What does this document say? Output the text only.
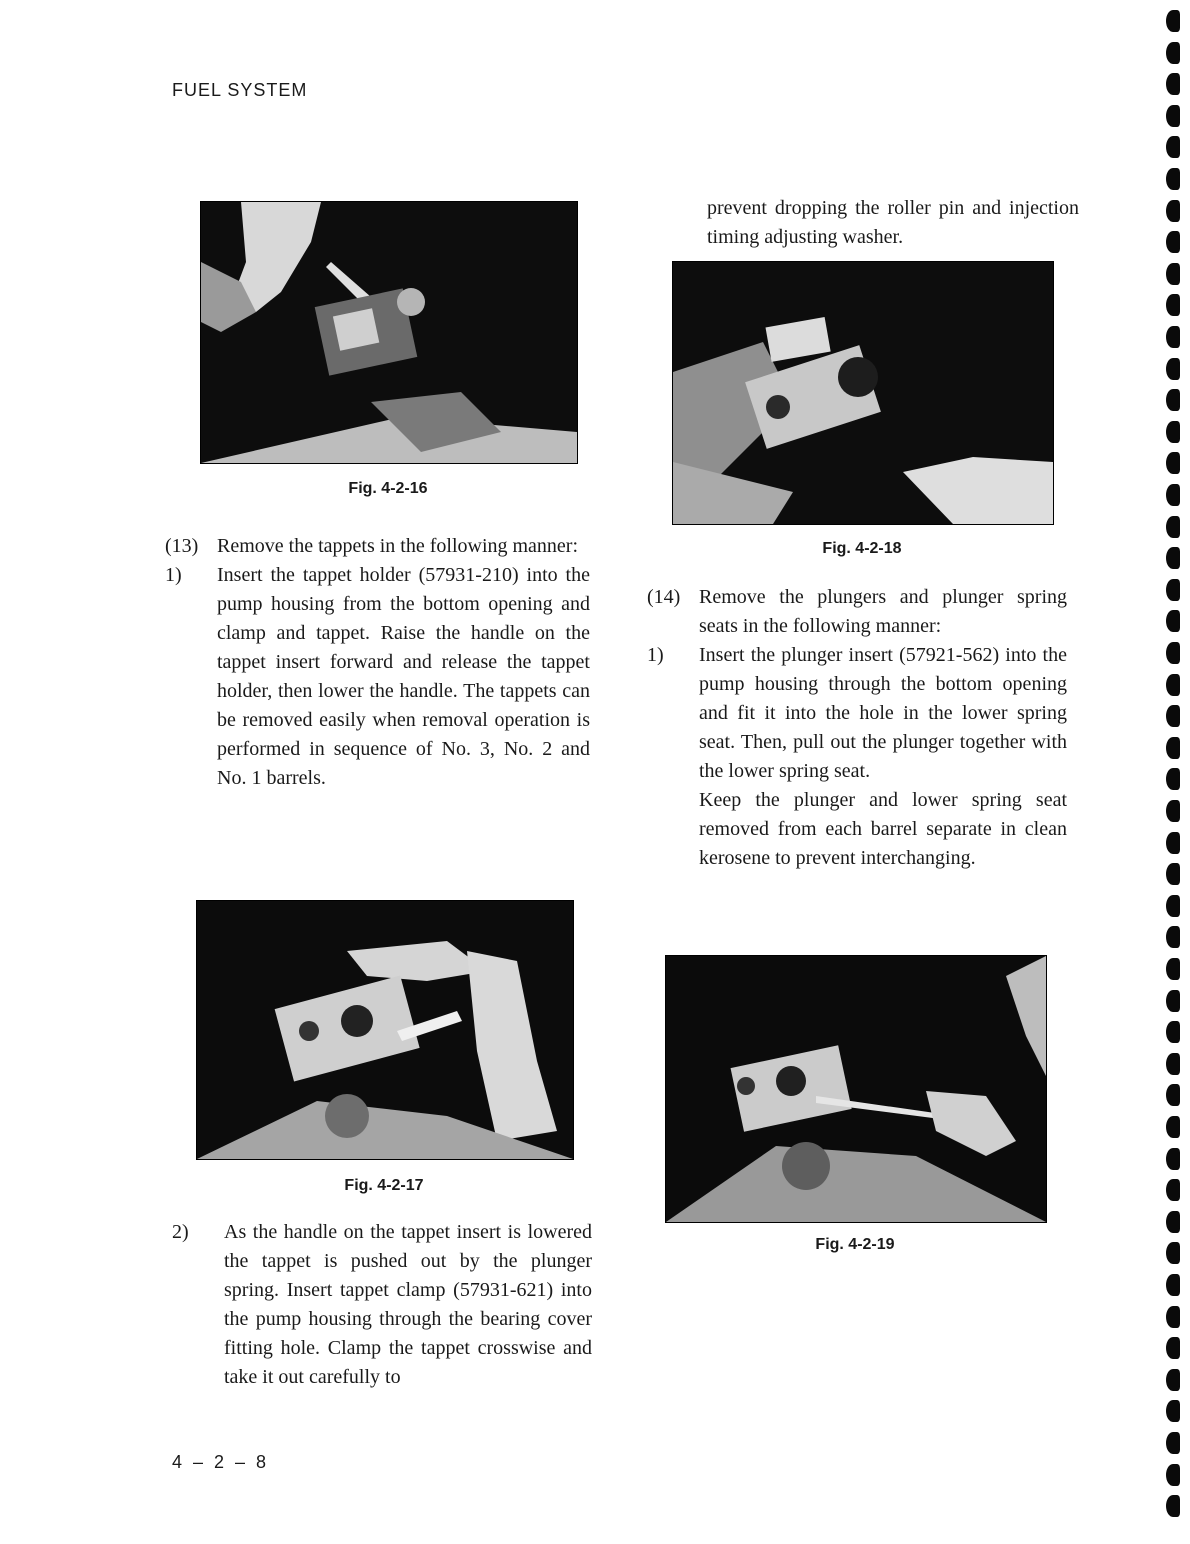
FUEL SYSTEM
Fig. 4-2-16
(13) Remove the tappets in the following manner:
1) Insert the tappet holder (57931-210) into the pump housing from the bottom opening and clamp and tappet. Raise the handle on the tappet insert forward and release the tappet holder, then lower the handle. The tappets can be removed easily when removal operation is performed in sequence of No. 3, No. 2 and No. 1 barrels.
Fig. 4-2-17
2) As the handle on the tappet insert is lowered the tappet is pushed out by the plunger spring. Insert tappet clamp (57931-621) into the pump housing through the bearing cover fitting hole. Clamp the tappet crosswise and take it out carefully to
prevent dropping the roller pin and injection timing adjusting washer.
Fig. 4-2-18
(14) Remove the plungers and plunger spring seats in the following manner:
1) Insert the plunger insert (57921-562) into the pump housing through the bottom opening and fit it into the hole in the lower spring seat. Then, pull out the plunger together with the lower spring seat.
Keep the plunger and lower spring seat removed from each barrel separate in clean kerosene to prevent interchanging.
Fig. 4-2-19
4 – 2 – 8
